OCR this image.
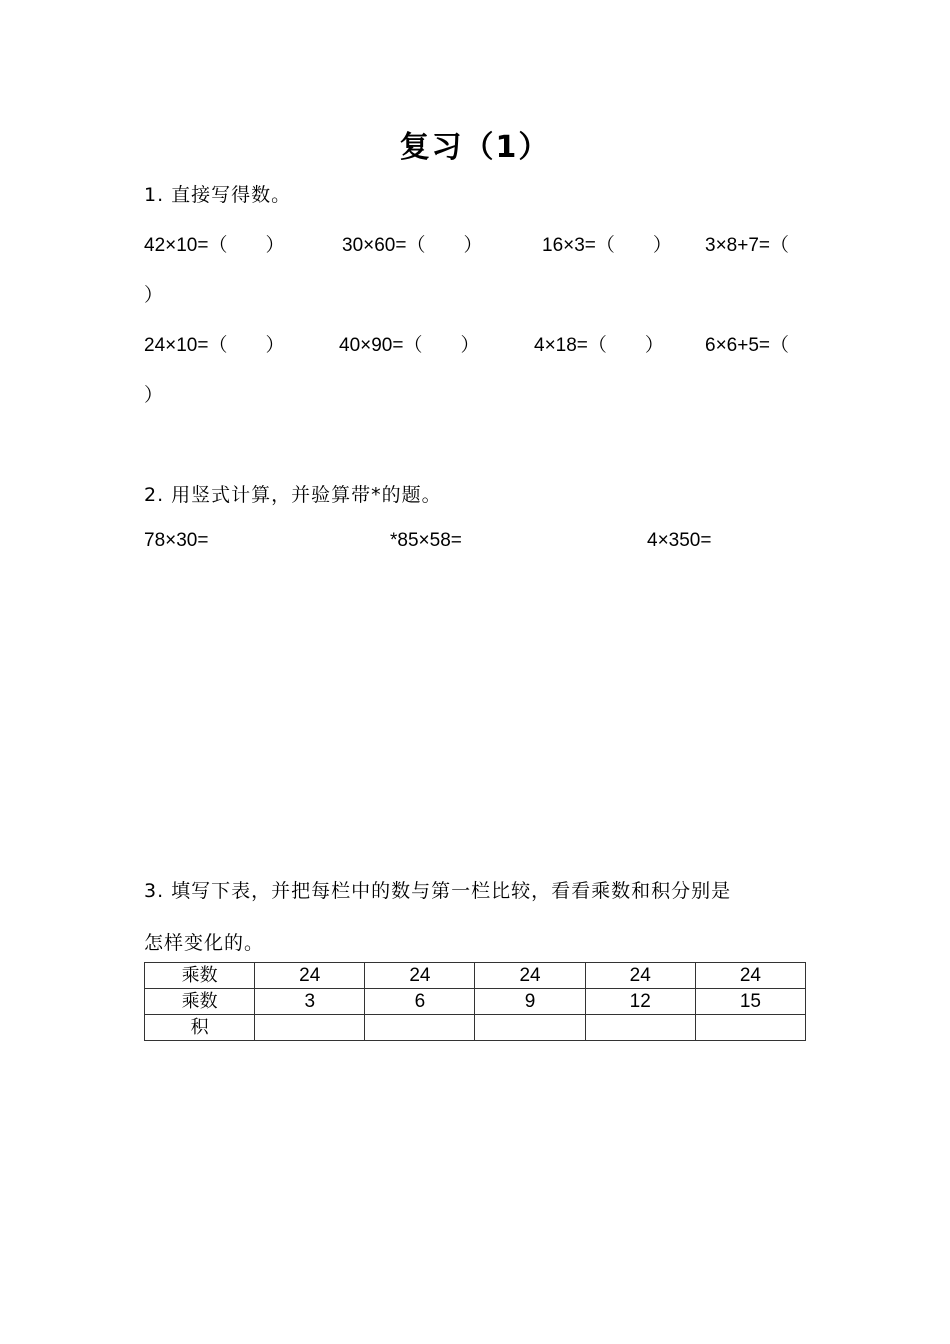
复习（1）
1. 直接写得数。
42×10=（　　）	30×60=（　　）	16×3=（　　） 3×8+7=（
）
24×10=（　　）	40×90=（　　）	4×18=（　　） 6×6+5=（
）
2. 用竖式计算，并验算带*的题。
78×30=	*85×58=	4×350=
3. 填写下表，并把每栏中的数与第一栏比较，看看乘数和积分别是
怎样变化的。
乘数	24	24	24	24	24
乘数	3	6	9	12	15
积					
